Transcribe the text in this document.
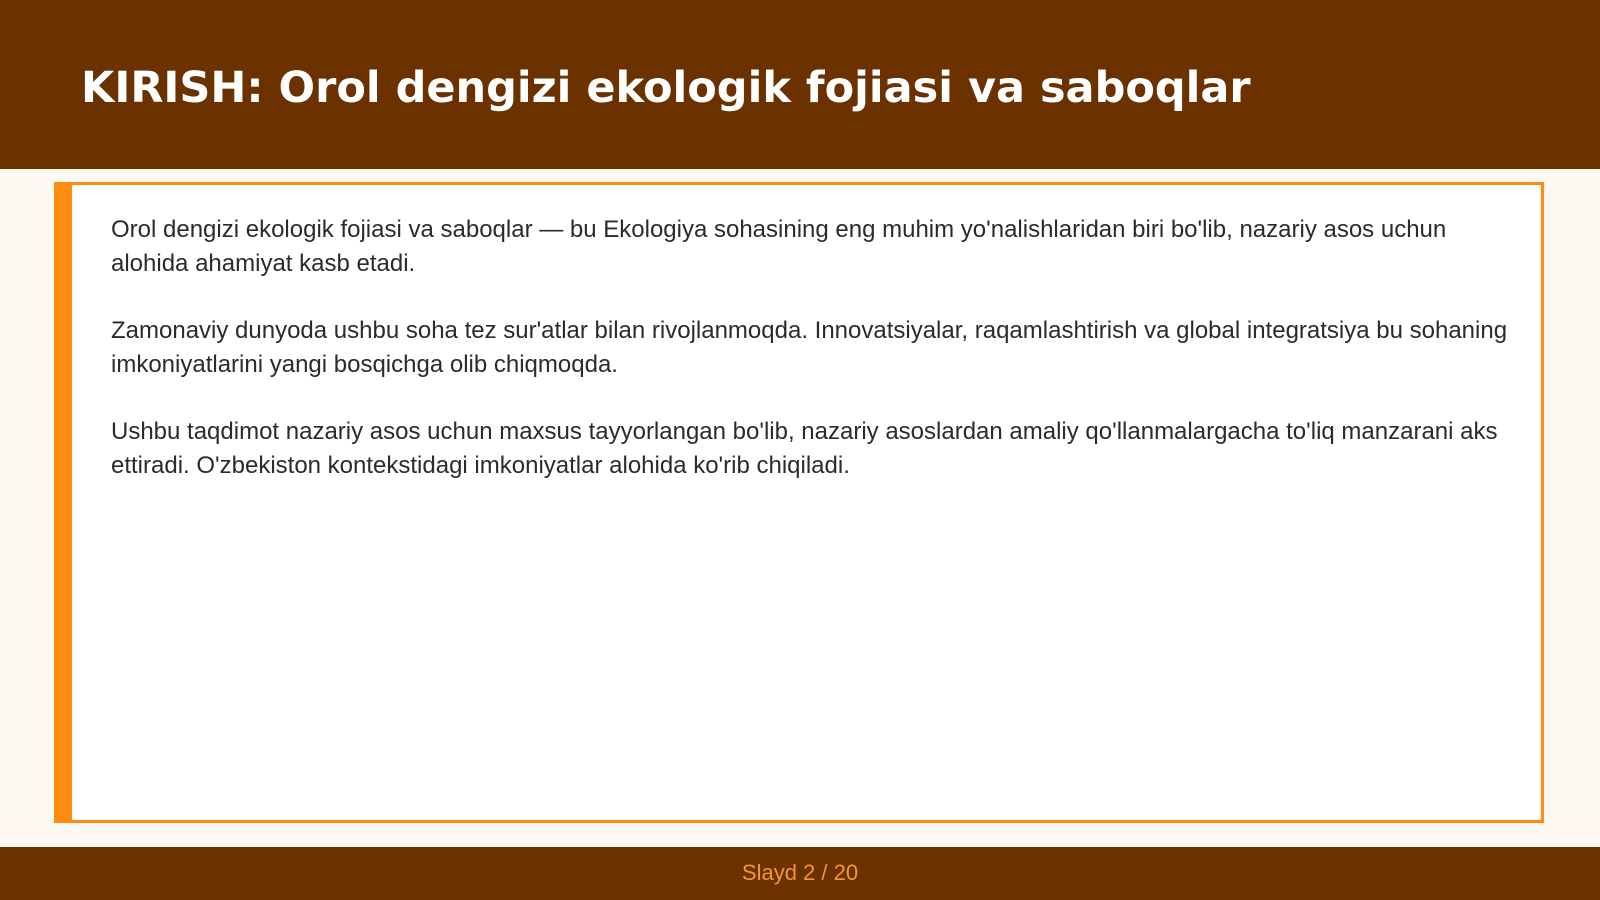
KIRISH: Orol dengizi ekologik fojiasi va saboqlar

Orol dengizi ekologik fojiasi va saboqlar — bu Ekologiya sohasining eng muhim yo'nalishlaridan biri bo'lib, nazariy asos uchun alohida ahamiyat kasb etadi.

Zamonaviy dunyoda ushbu soha tez sur'atlar bilan rivojlanmoqda. Innovatsiyalar, raqamlashtirish va global integratsiya bu sohaning imkoniyatlarini yangi bosqichga olib chiqmoqda.

Ushbu taqdimot nazariy asos uchun maxsus tayyorlangan bo'lib, nazariy asoslardan amaliy qo'llanmalargacha to'liq manzarani aks ettiradi. O'zbekiston kontekstidagi imkoniyatlar alohida ko'rib chiqiladi.

Slayd 2 / 20
